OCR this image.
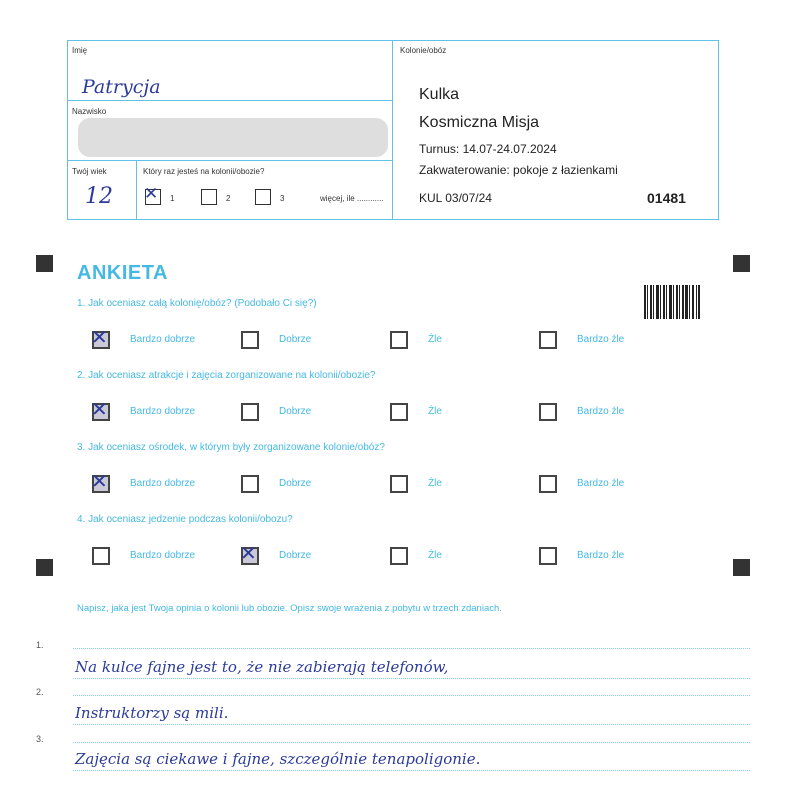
Imię
Patrycja
Nazwisko
Twój wiek
12
Który raz jesteś na kolonii/obozie?
✕ 1	2	3	więcej, ile ............
Kolonie/obóz
Kulka
Kosmiczna Misja
Turnus: 14.07-24.07.2024
Zakwaterowanie: pokoje z łazienkami
KUL 03/07/24	01481
ANKIETA
1. Jak oceniasz całą kolonię/obóz? (Podobało Ci się?)
2. Jak oceniasz atrakcje i zajęcia zorganizowane na kolonii/obozie?
3. Jak oceniasz ośrodek, w którym były zorganizowane kolonie/obóz?
4. Jak oceniasz jedzenie podczas kolonii/obozu?
✕ Bardzo dobrze	Dobrze	Źle	Bardzo źle
✕ Bardzo dobrze	Dobrze	Źle	Bardzo źle
✕ Bardzo dobrze	Dobrze	Źle	Bardzo źle
Bardzo dobrze ✕ Dobrze	Źle	Bardzo źle
Napisz, jaka jest Twoja opinia o kolonii lub obozie. Opisz swoje wrażenia z pobytu w trzech zdaniach.
1.
2.
3.
Na kulce fajne jest to, że nie zabierają telefonów,
Instruktorzy są mili.
Zajęcia są ciekawe i fajne, szczególnie tenapoligonie.
